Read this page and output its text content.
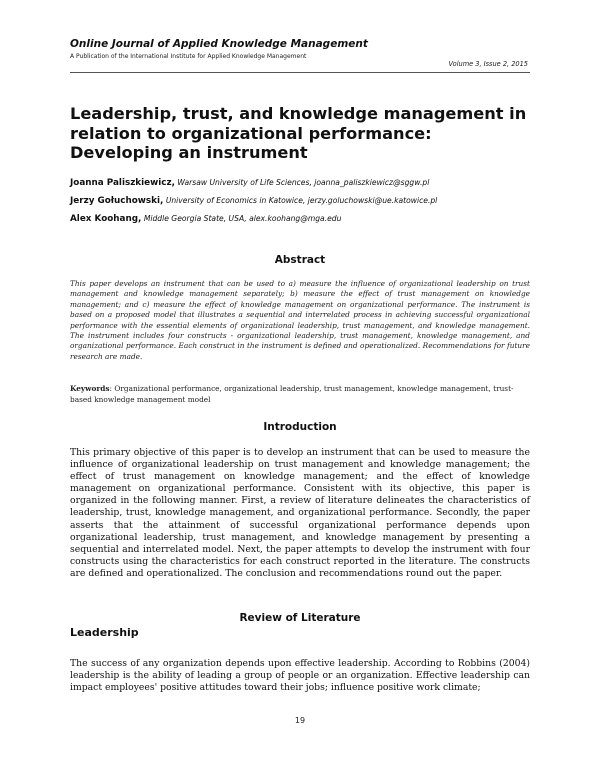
Online Journal of Applied Knowledge Management
A Publication of the International Institute for Applied Knowledge Management
Volume 3, Issue 2, 2015
Leadership, trust, and knowledge management in relation to organizational performance: Developing an instrument
Joanna Paliszkiewicz, Warsaw University of Life Sciences, joanna_paliszkiewicz@sggw.pl
Jerzy Gołuchowski, University of Economics in Katowice, jerzy.goluchowski@ue.katowice.pl
Alex Koohang, Middle Georgia State, USA, alex.koohang@mga.edu
Abstract
This paper develops an instrument that can be used to a) measure the influence of organizational leadership on trust management and knowledge management separately; b) measure the effect of trust management on knowledge management; and c) measure the effect of knowledge management on organizational performance. The instrument is based on a proposed model that illustrates a sequential and interrelated process in achieving successful organizational performance with the essential elements of organizational leadership, trust management, and knowledge management. The instrument includes four constructs - organizational leadership, trust management, knowledge management, and organizational performance. Each construct in the instrument is defined and operationalized. Recommendations for future research are made.
Keywords: Organizational performance, organizational leadership, trust management, knowledge management, trust-based knowledge management model
Introduction
This primary objective of this paper is to develop an instrument that can be used to measure the influence of organizational leadership on trust management and knowledge management; the effect of trust management on knowledge management; and the effect of knowledge management on organizational performance. Consistent with its objective, this paper is organized in the following manner. First, a review of literature delineates the characteristics of leadership, trust, knowledge management, and organizational performance. Secondly, the paper asserts that the attainment of successful organizational performance depends upon organizational leadership, trust management, and knowledge management by presenting a sequential and interrelated model. Next, the paper attempts to develop the instrument with four constructs using the characteristics for each construct reported in the literature. The constructs are defined and operationalized. The conclusion and recommendations round out the paper.
Review of Literature
Leadership
The success of any organization depends upon effective leadership. According to Robbins (2004) leadership is the ability of leading a group of people or an organization. Effective leadership can impact employees' positive attitudes toward their jobs; influence positive work climate;
19
